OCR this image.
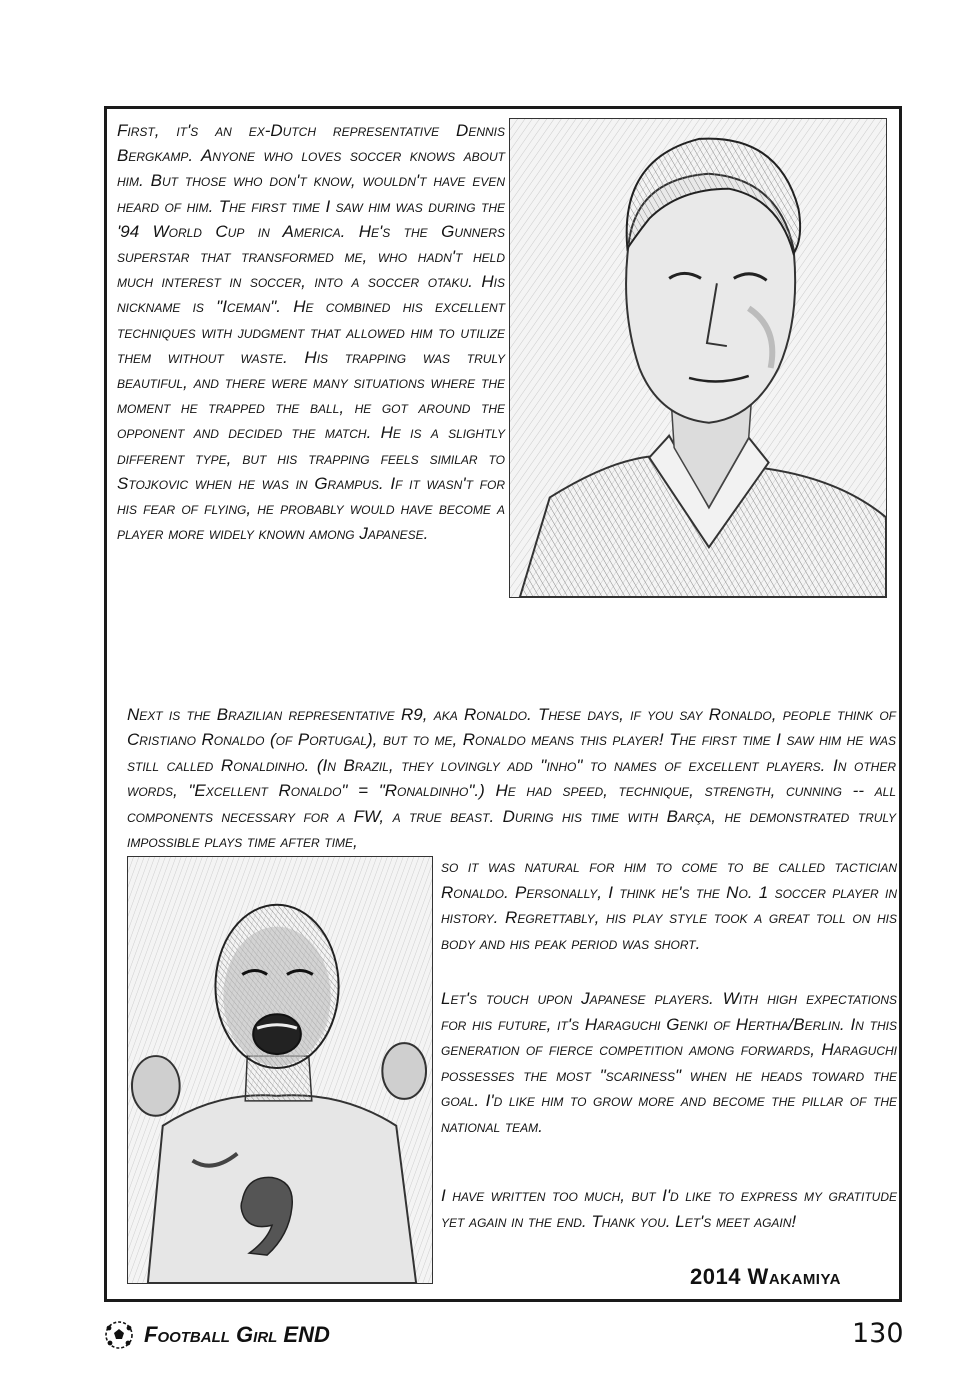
First, it's an ex-Dutch representative Dennis Bergkamp. Anyone who loves soccer knows about him. But those who don't know, wouldn't have even heard of him. The first time I saw him was during the '94 World Cup in America. He's the Gunners superstar that transformed me, who hadn't held much interest in soccer, into a soccer otaku. His nickname is "Iceman". He combined his excellent techniques with judgment that allowed him to utilize them without waste. His trapping was truly beautiful, and there were many situations where the moment he trapped the ball, he got around the opponent and decided the match. He is a slightly different type, but his trapping feels similar to Stojkovic when he was in Grampus. If it wasn't for his fear of flying, he probably would have become a player more widely known among Japanese.

Next is the Brazilian representative R9, aka Ronaldo. These days, if you say Ronaldo, people think of Cristiano Ronaldo (of Portugal), but to me, Ronaldo means this player! The first time I saw him he was still called Ronaldinho. (In Brazil, they lovingly add "inho" to names of excellent players. In other words, "Excellent Ronaldo" = "Ronaldinho".) He had speed, technique, strength, cunning -- all components necessary for a FW, a true beast. During his time with Barça, he demonstrated truly impossible plays time after time,

so it was natural for him to come to be called tactician Ronaldo. Personally, I think he's the No. 1 soccer player in history. Regrettably, his play style took a great toll on his body and his peak period was short.

Let's touch upon Japanese players. With high expectations for his future, it's Haraguchi Genki of Hertha/Berlin. In this generation of fierce competition among forwards, Haraguchi possesses the most "scariness" when he heads toward the goal. I'd like him to grow more and become the pillar of the national team.

I have written too much, but I'd like to express my gratitude yet again in the end. Thank you. Let's meet again!

2014 Wakamiya
Football Girl END	130
